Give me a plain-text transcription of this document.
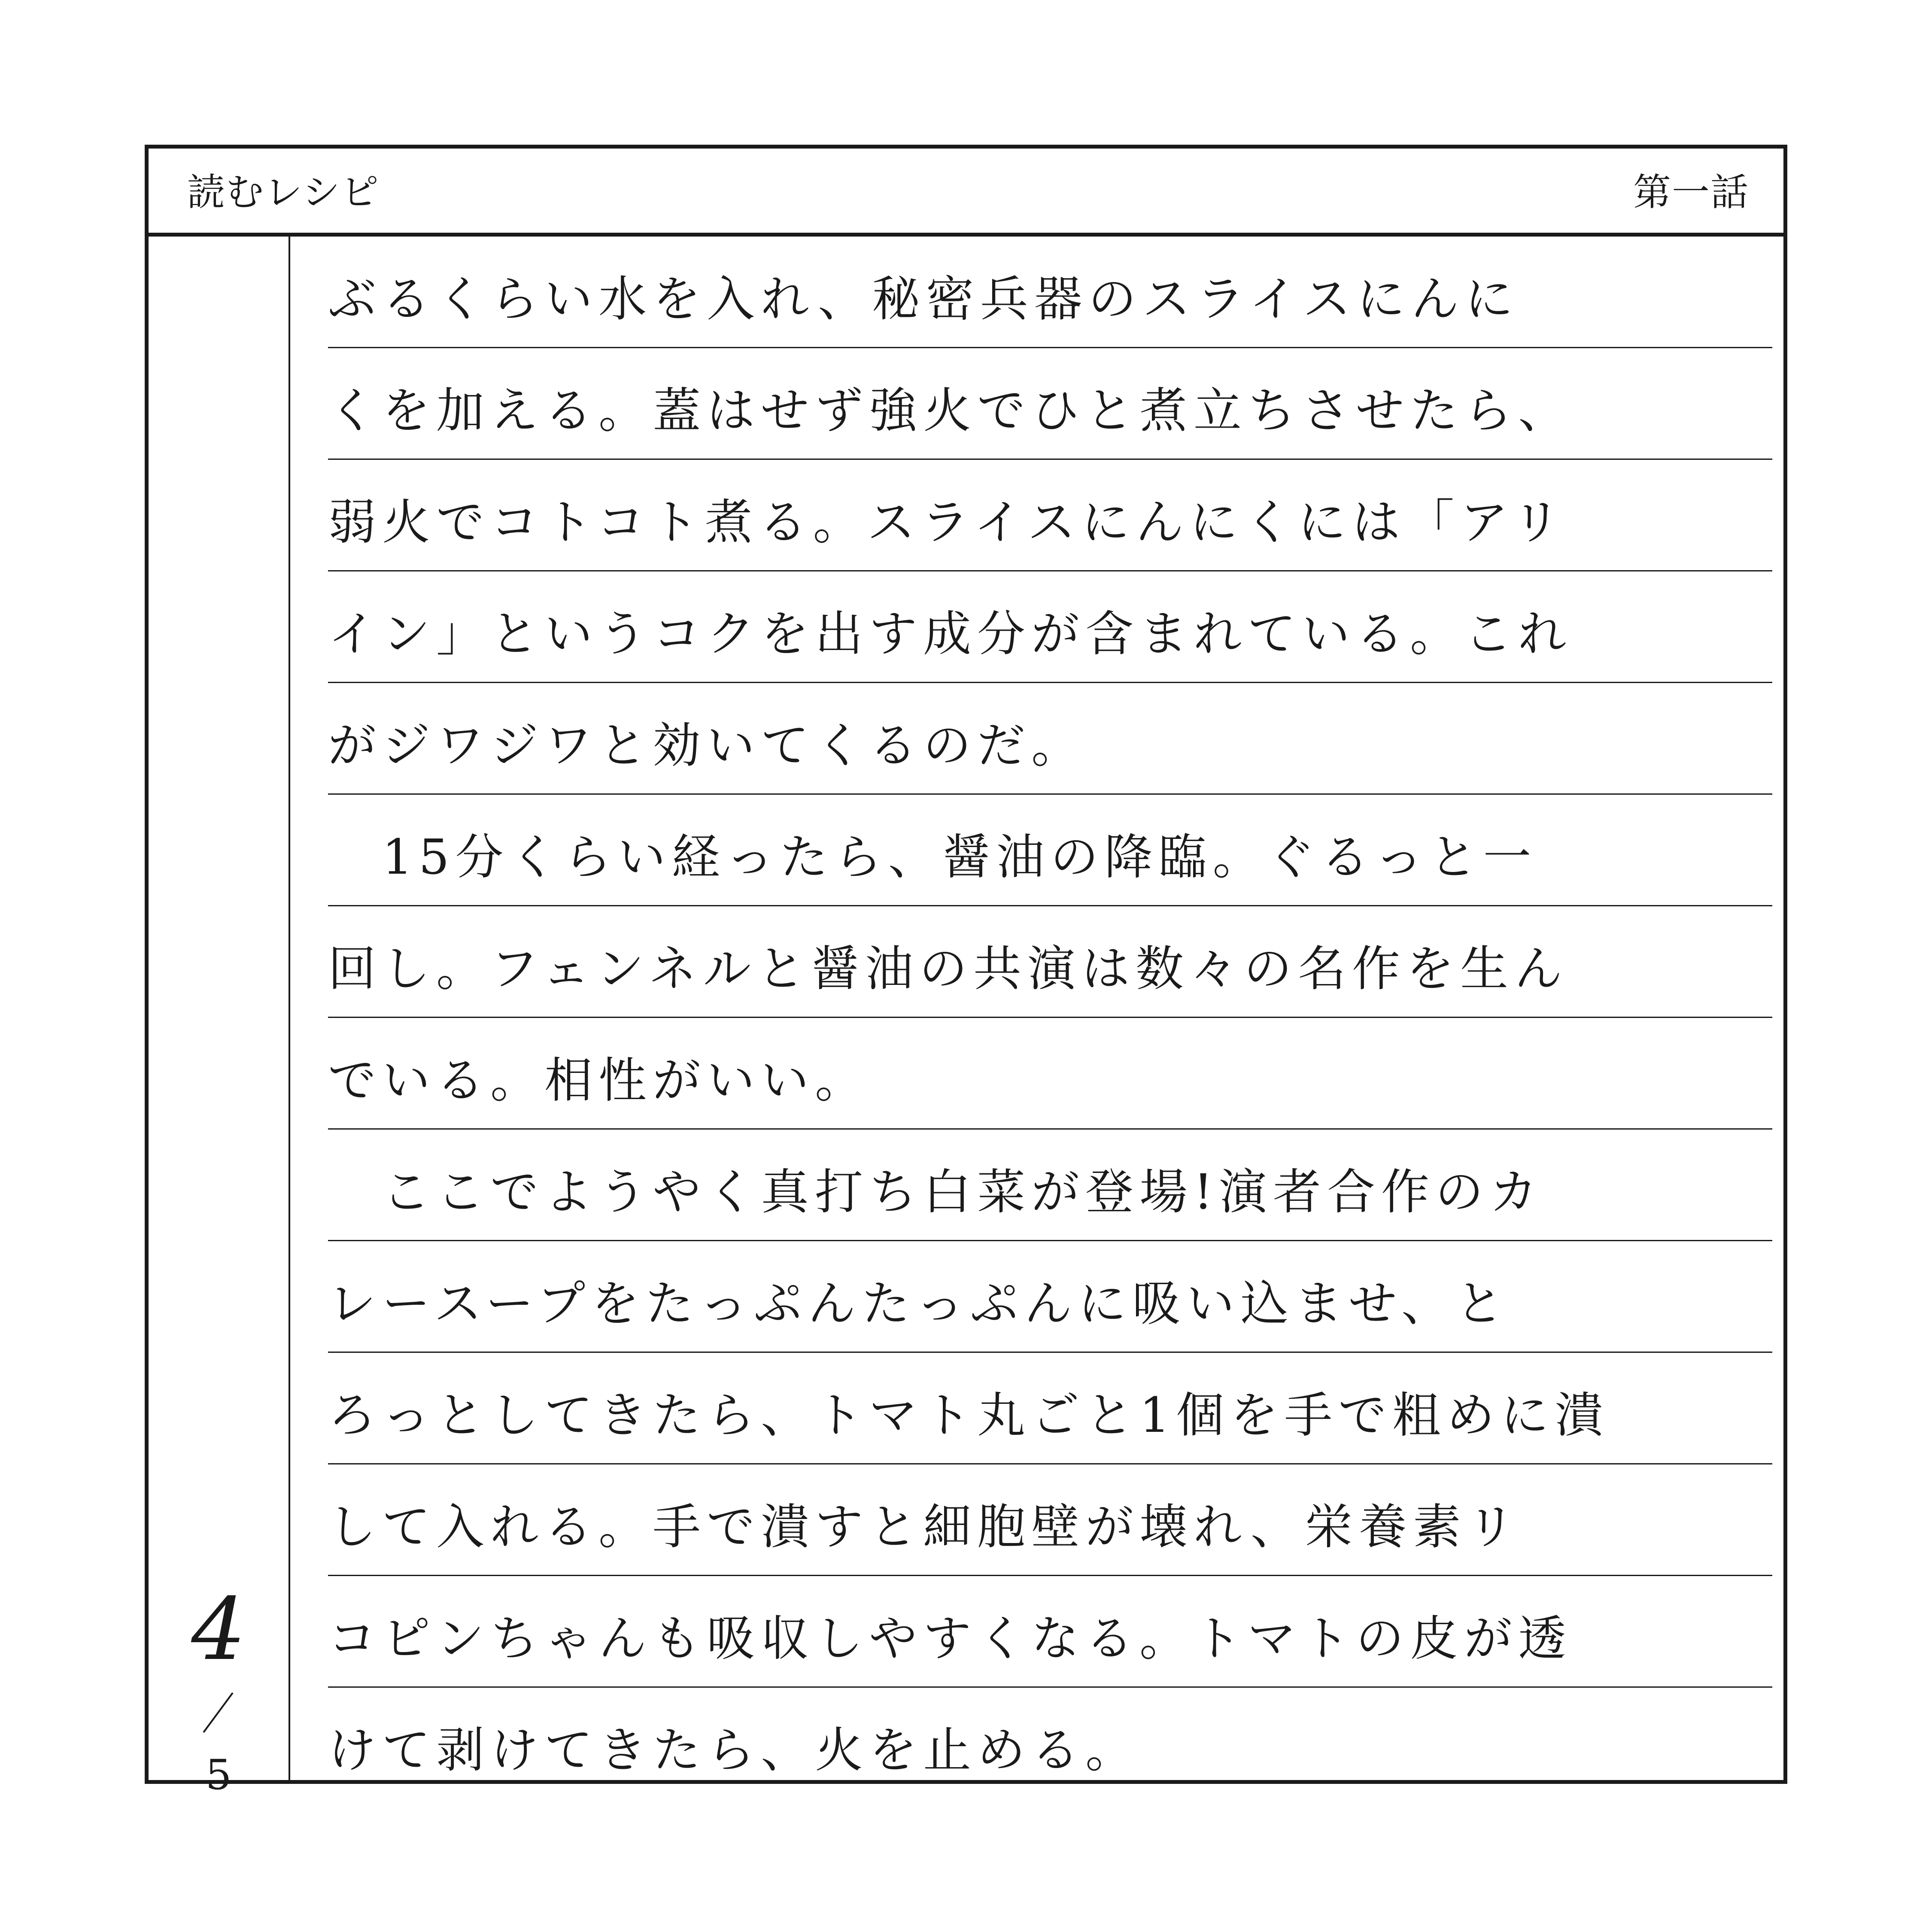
読むレシピ	第一話
4
5
ぶるくらい水を入れ、秘密兵器のスライスにんに
くを加える。蓋はせず強火でひと煮立ちさせたら、
弱火でコトコト煮る。スライスにんにくには「アリ
イン」というコクを出す成分が含まれている。これ
がジワジワと効いてくるのだ。
　15分くらい経ったら、醤油の降臨。ぐるっと一
回し。フェンネルと醤油の共演は数々の名作を生ん
でいる。相性がいい。
　ここでようやく真打ち白菜が登場!演者合作のカ
レースープをたっぷんたっぷんに吸い込ませ、と
ろっとしてきたら、トマト丸ごと1個を手で粗めに潰
して入れる。手で潰すと細胞壁が壊れ、栄養素リ
コピンちゃんも吸収しやすくなる。トマトの皮が透
けて剥けてきたら、火を止める。
